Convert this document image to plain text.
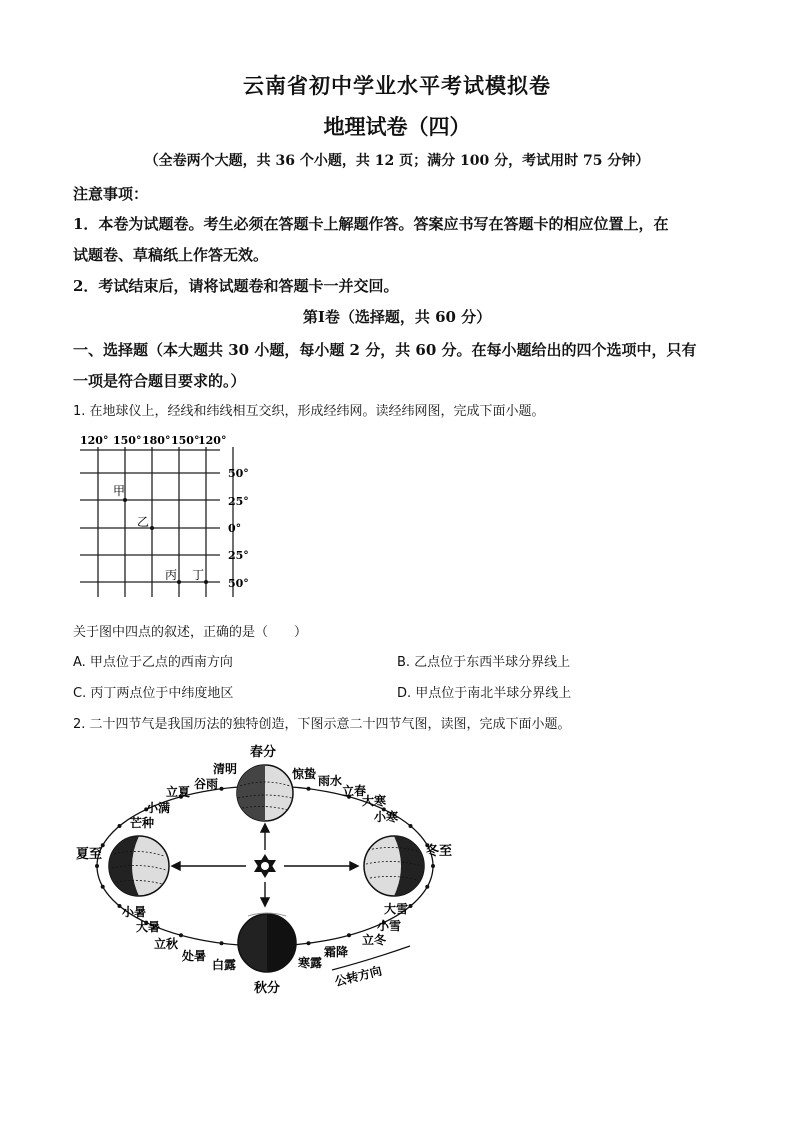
云南省初中学业水平考试模拟卷
地理试卷（四）
（全卷两个大题，共 36 个小题，共 12 页；满分 100 分，考试用时 75 分钟）
注意事项：
1．本卷为试题卷。考生必须在答题卡上解题作答。答案应书写在答题卡的相应位置上，在
试题卷、草稿纸上作答无效。
2．考试结束后，请将试题卷和答题卡一并交回。
第Ⅰ卷（选择题，共 60 分）
一、选择题（本大题共 30 小题，每小题 2 分，共 60 分。在每小题给出的四个选项中，只有
一项是符合题目要求的。）
1. 在地球仪上，经线和纬线相互交织，形成经纬网。读经纬网图，完成下面小题。
120° 150° 180° 150°
120°
50°
25°
0°
25°
50°
甲
乙
丙 丁
关于图中四点的叙述，正确的是（　　）
A. 甲点位于乙点的西南方向	B. 乙点位于东西半球分界线上
C. 丙丁两点位于中纬度地区	D. 甲点位于南北半球分界线上
2. 二十四节气是我国历法的独特创造，下图示意二十四节气图，读图，完成下面小题。
春分
清明
谷雨
立夏
小满
芒种
夏至
小暑
大暑
立秋
处暑
白露
秋分
寒露
霜降
立冬
小雪
大雪
冬至
小寒
大寒
立春
雨水
惊蛰
公转方向
